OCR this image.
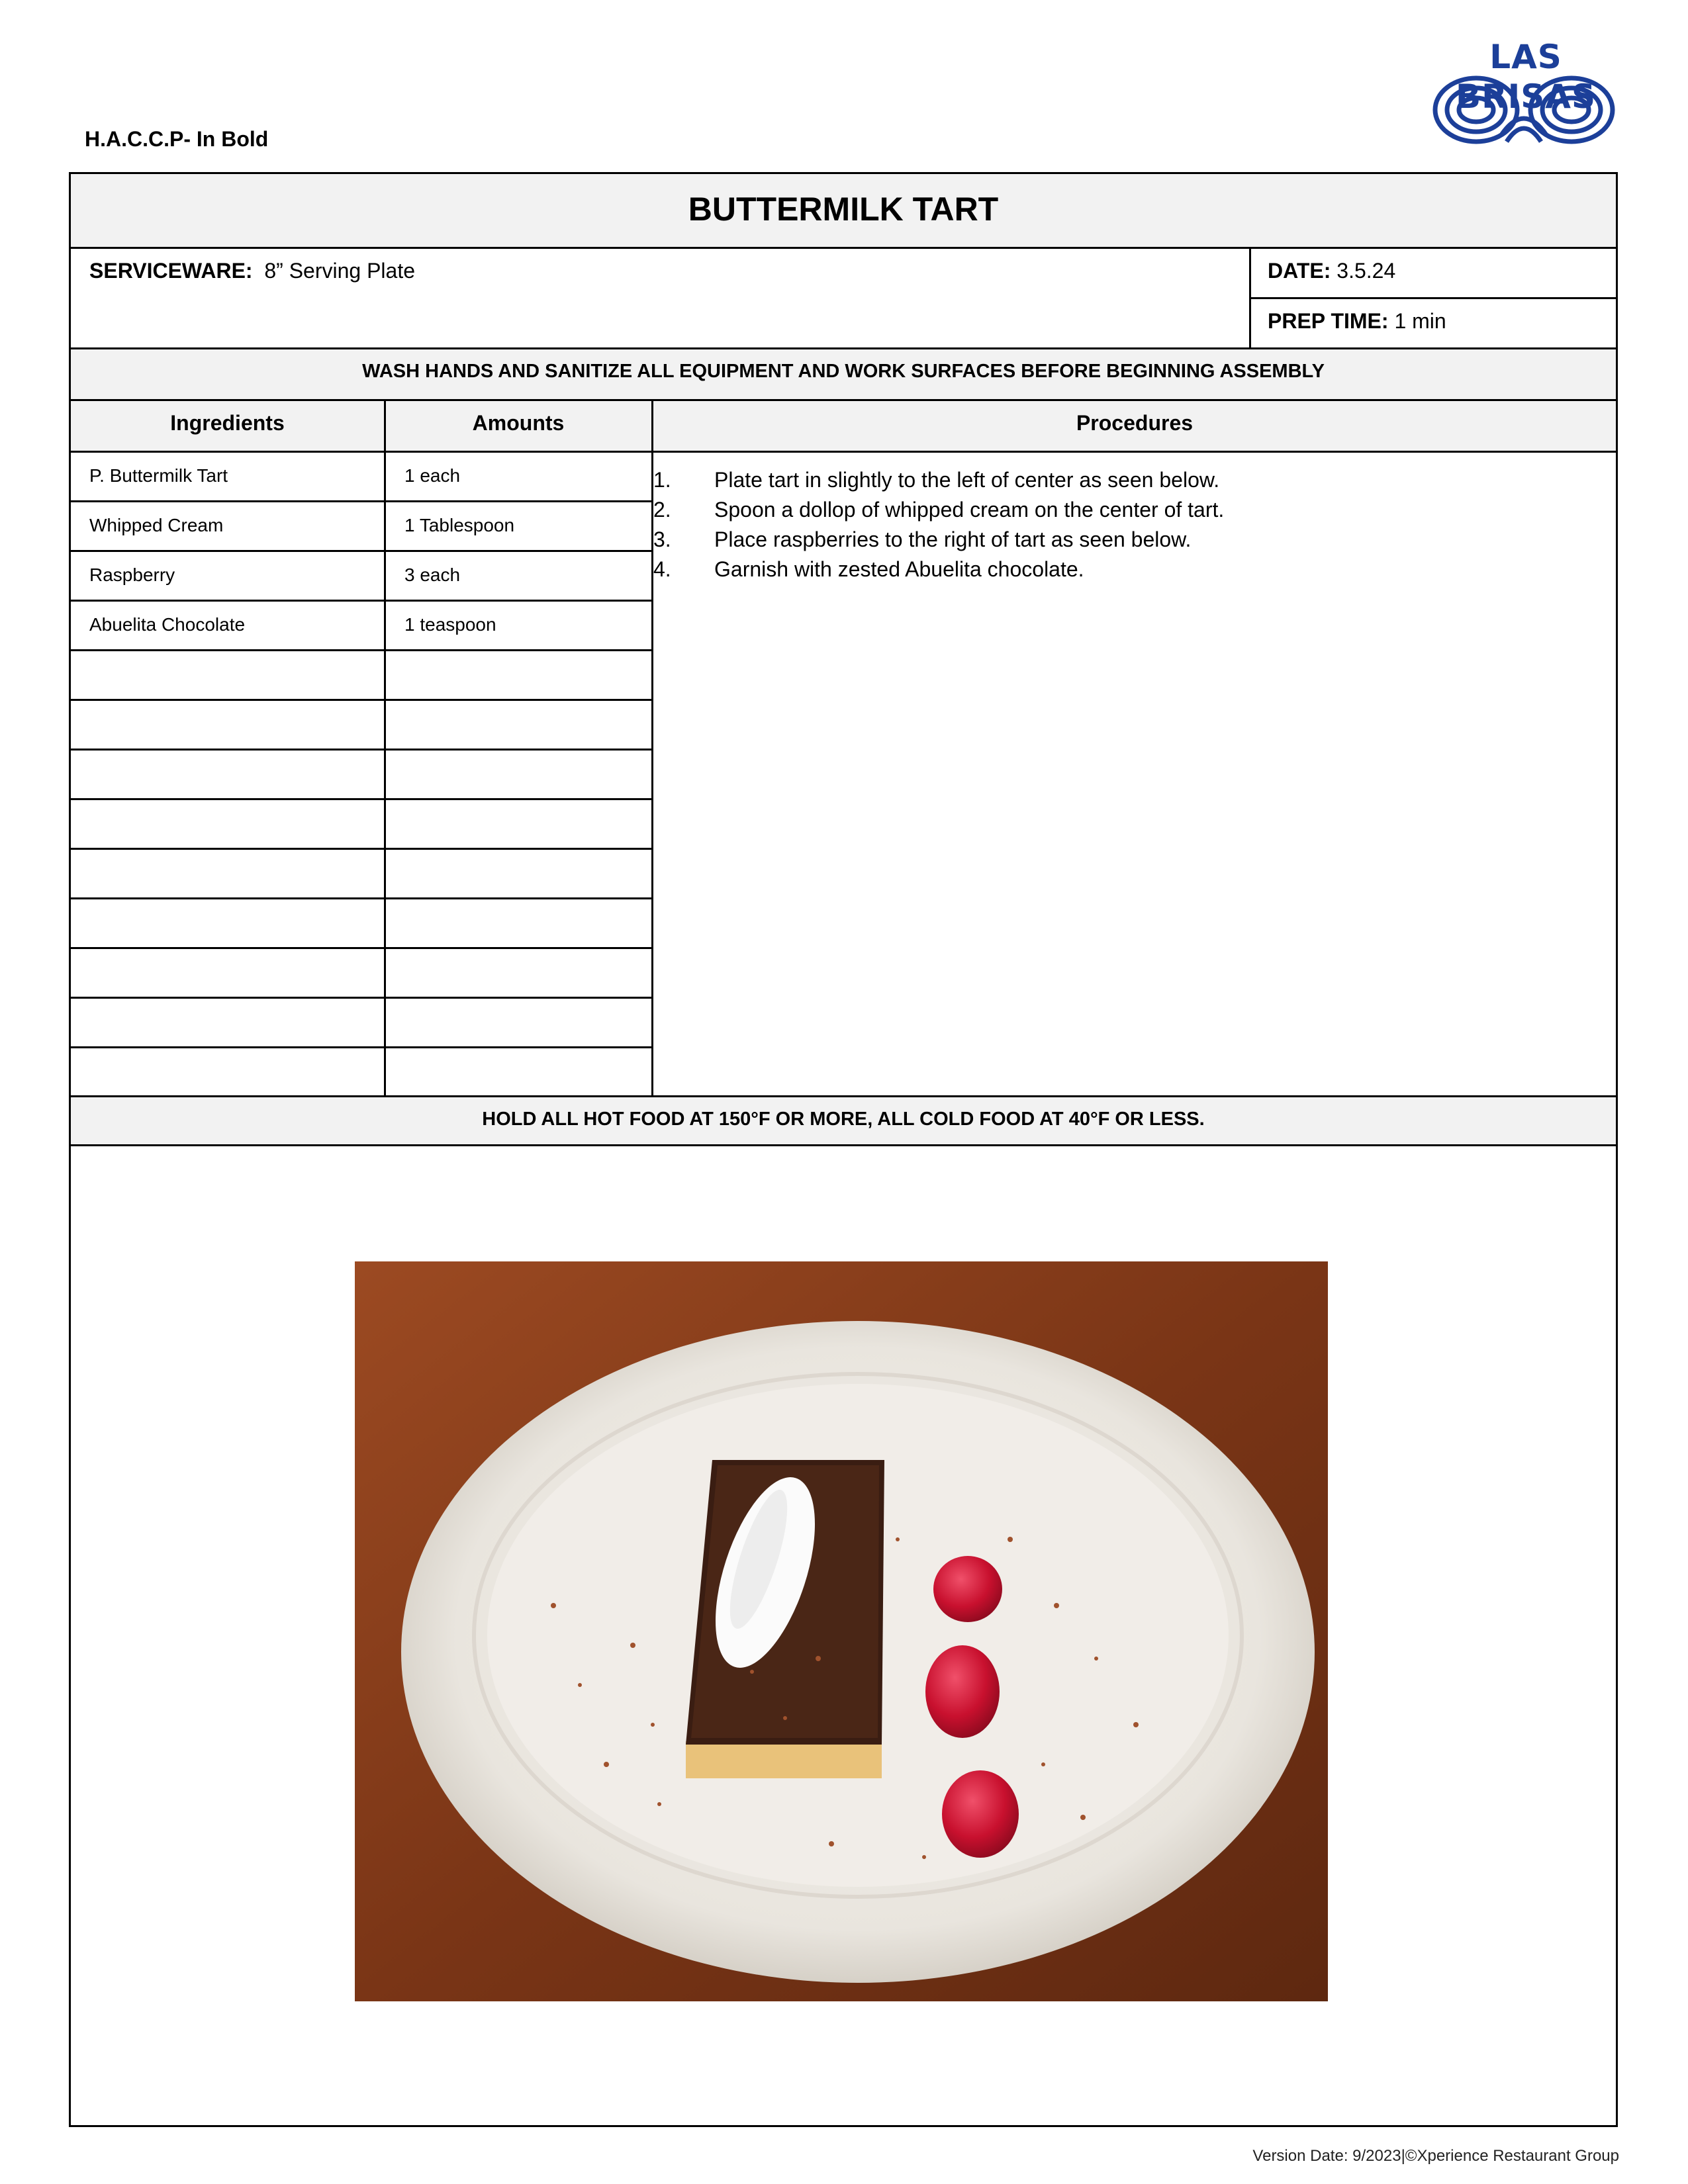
H.A.C.C.P- In Bold
LAS BRISAS
BUTTERMILK TART
SERVICEWARE: 8” Serving Plate	DATE: 3.5.24
PREP TIME: 1 min
WASH HANDS AND SANITIZE ALL EQUIPMENT AND WORK SURFACES BEFORE BEGINNING ASSEMBLY
Ingredients	Amounts	Procedures
P. Buttermilk Tart	1 each
Whipped Cream	1 Tablespoon
Raspberry	3 each
Abuelita Chocolate	1 teaspoon
1.	Plate tart in slightly to the left of center as seen below.
2.	Spoon a dollop of whipped cream on the center of tart.
3.	Place raspberries to the right of tart as seen below.
4.	Garnish with zested Abuelita chocolate.
HOLD ALL HOT FOOD AT 150°F OR MORE, ALL COLD FOOD AT 40°F OR LESS.
Version Date: 9/2023|©Xperience Restaurant Group
